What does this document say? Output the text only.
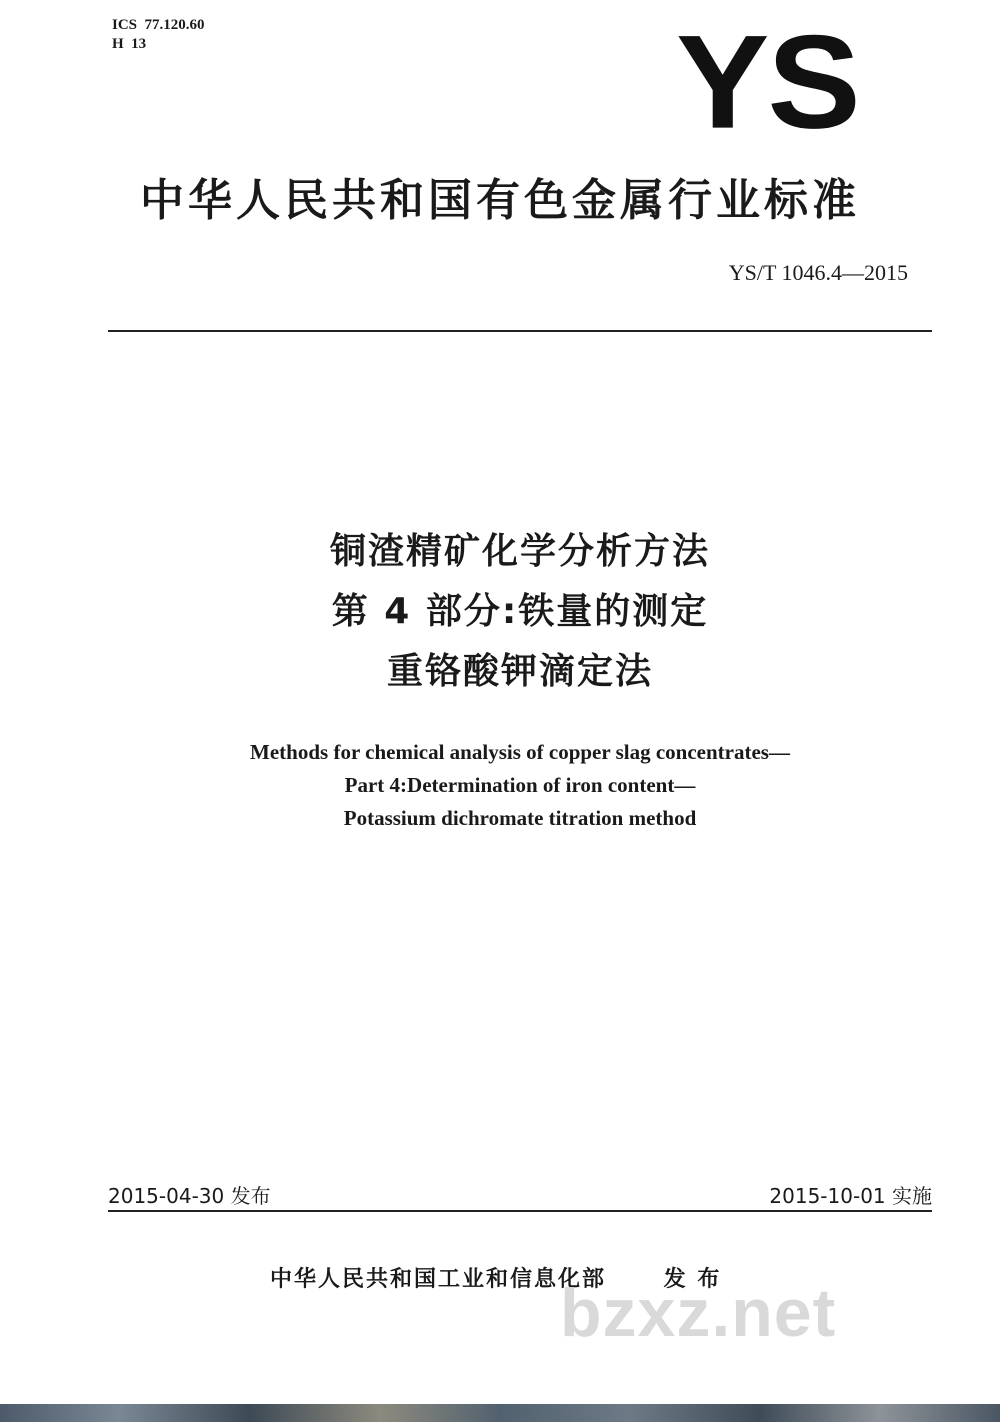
ICS  77.120.60
H  13	YS
中华人民共和国有色金属行业标准
YS/T 1046.4—2015
铜渣精矿化学分析方法
第 4 部分:铁量的测定
重铬酸钾滴定法
Methods for chemical analysis of copper slag concentrates—
Part 4:Determination of iron content—
Potassium dichromate titration method
2015-04-30 发布	2015-10-01 实施
中华人民共和国工业和信息化部　　 发 布
bzxz.net
